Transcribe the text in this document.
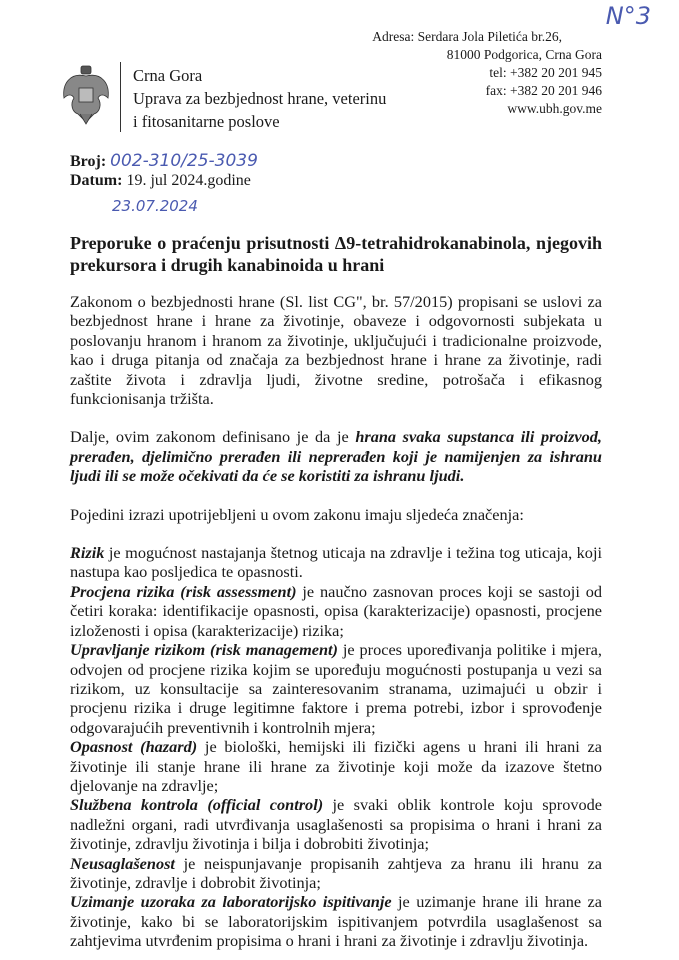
N°3
Adresa: Serdara Jola Piletića br.26,
81000 Podgorica, Crna Gora
tel: +382 20 201 945
fax: +382 20 201 946
www.ubh.gov.me
Crna Gora
Uprava za bezbjednost hrane, veterinu
i fitosanitarne poslove
Broj: 002-310/25-3039
Datum: 19. jul 2024.godine
23.07.2024
Preporuke o praćenju prisutnosti Δ9-tetrahidrokanabinola, njegovih prekursora i drugih kanabinoida u hrani

Zakonom o bezbjednosti hrane (Sl. list CG", br. 57/2015) propisani se uslovi za bezbjednost hrane i hrane za životinje, obaveze i odgovornosti subjekata u poslovanju hranom i hranom za životinje, uključujući i tradicionalne proizvode, kao i druga pitanja od značaja za bezbjednost hrane i hrane za životinje, radi zaštite života i zdravlja ljudi, životne sredine, potrošača i efikasnog funkcionisanja tržišta.

Dalje, ovim zakonom definisano je da je hrana svaka supstanca ili proizvod, prerađen, djelimično prerađen ili neprerađen koji je namijenjen za ishranu ljudi ili se može očekivati da će se koristiti za ishranu ljudi.

Pojedini izrazi upotrijebljeni u ovom zakonu imaju sljedeća značenja:

Rizik je mogućnost nastajanja štetnog uticaja na zdravlje i težina tog uticaja, koji nastupa kao posljedica te opasnosti.

Procjena rizika (risk assessment) je naučno zasnovan proces koji se sastoji od četiri koraka: identifikacije opasnosti, opisa (karakterizacije) opasnosti, procjene izloženosti i opisa (karakterizacije) rizika;

Upravljanje rizikom (risk management) je proces upoređivanja politike i mjera, odvojen od procjene rizika kojim se upoređuju mogućnosti postupanja u vezi sa rizikom, uz konsultacije sa zainteresovanim stranama, uzimajući u obzir i procjenu rizika i druge legitimne faktore i prema potrebi, izbor i sprovođenje odgovarajućih preventivnih i kontrolnih mjera;

Opasnost (hazard) je biološki, hemijski ili fizički agens u hrani ili hrani za životinje ili stanje hrane ili hrane za životinje koji može da izazove štetno djelovanje na zdravlje;

Službena kontrola (official control) je svaki oblik kontrole koju sprovode nadležni organi, radi utvrđivanja usaglašenosti sa propisima o hrani i hrani za životinje, zdravlju životinja i bilja i dobrobiti životinja;

Neusaglašenost je neispunjavanje propisanih zahtjeva za hranu ili hranu za životinje, zdravlje i dobrobit životinja;

Uzimanje uzoraka za laboratorijsko ispitivanje je uzimanje hrane ili hrane za životinje, kako bi se laboratorijskim ispitivanjem potvrdila usaglašenost sa zahtjevima utvrđenim propisima o hrani i hrani za životinje i zdravlju životinja.
